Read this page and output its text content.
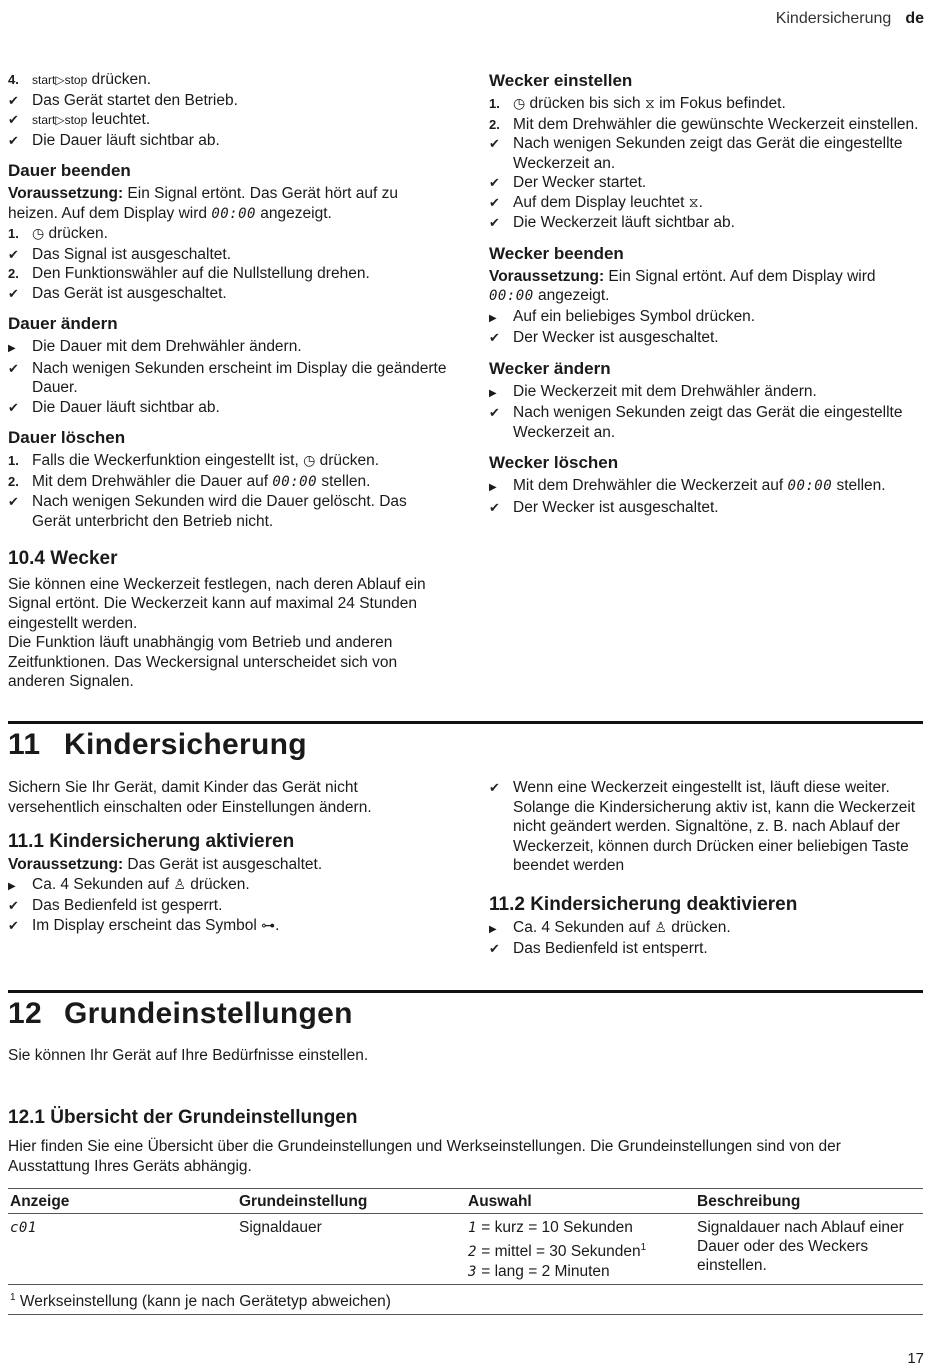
Kindersicherung de
4.	start▷stop drücken.
✔ Das Gerät startet den Betrieb.
✔	start▷stop leuchtet.
✔ Die Dauer läuft sichtbar ab.
Dauer beenden

Voraussetzung: Ein Signal ertönt. Das Gerät hört auf zu heizen. Auf dem Display wird 00:00 angezeigt.

1. ◷ drücken.
✔ Das Signal ist ausgeschaltet.
2. Den Funktionswähler auf die Nullstellung drehen.
✔ Das Gerät ist ausgeschaltet.
Dauer ändern
▶	Die Dauer mit dem Drehwähler ändern.
✔ Nach wenigen Sekunden erscheint im Display die geänderte Dauer.
✔ Die Dauer läuft sichtbar ab.
Dauer löschen
1. Falls die Weckerfunktion eingestellt ist, ◷ drücken.
2. Mit dem Drehwähler die Dauer auf 00:00 stellen.
✔ Nach wenigen Sekunden wird die Dauer gelöscht. Das Gerät unterbricht den Betrieb nicht.
10.4 Wecker

Sie können eine Weckerzeit festlegen, nach deren Ablauf ein Signal ertönt. Die Weckerzeit kann auf maximal 24 Stunden eingestellt werden.

Die Funktion läuft unabhängig vom Betrieb und anderen Zeitfunktionen. Das Weckersignal unterscheidet sich von anderen Signalen.

Wecker einstellen
1. ◷ drücken bis sich ⧖ im Fokus befindet.
2. Mit dem Drehwähler die gewünschte Weckerzeit einstellen.
✔ Nach wenigen Sekunden zeigt das Gerät die eingestellte Weckerzeit an.
✔ Der Wecker startet.
✔ Auf dem Display leuchtet ⧖.
✔ Die Weckerzeit läuft sichtbar ab.
Wecker beenden

Voraussetzung: Ein Signal ertönt. Auf dem Display wird 00:00 angezeigt.

▶	Auf ein beliebiges Symbol drücken.
✔ Der Wecker ist ausgeschaltet.
Wecker ändern
▶	Die Weckerzeit mit dem Drehwähler ändern.
✔ Nach wenigen Sekunden zeigt das Gerät die eingestellte Weckerzeit an.
Wecker löschen
▶	Mit dem Drehwähler die Weckerzeit auf 00:00 stellen.
✔ Der Wecker ist ausgeschaltet.
11 Kindersicherung

Sichern Sie Ihr Gerät, damit Kinder das Gerät nicht versehentlich einschalten oder Einstellungen ändern.

11.1 Kindersicherung aktivieren

Voraussetzung: Das Gerät ist ausgeschaltet.

▶	Ca. 4 Sekunden auf ♙ drücken.
✔ Das Bedienfeld ist gesperrt.
✔ Im Display erscheint das Symbol ⊶.
✔ Wenn eine Weckerzeit eingestellt ist, läuft diese weiter. Solange die Kindersicherung aktiv ist, kann die Weckerzeit nicht geändert werden. Signaltöne, z. B. nach Ablauf der Weckerzeit, können durch Drücken einer beliebigen Taste beendet werden
11.2 Kindersicherung deaktivieren
▶	Ca. 4 Sekunden auf ♙ drücken.
✔ Das Bedienfeld ist entsperrt.
12 Grundeinstellungen
Sie können Ihr Gerät auf Ihre Bedürfnisse einstellen.
12.1 Übersicht der Grundeinstellungen
Hier finden Sie eine Übersicht über die Grundeinstellungen und Werkseinstellungen. Die Grundeinstellungen sind von der Ausstattung Ihres Geräts abhängig.
Anzeige	Grundeinstellung	Auswahl	Beschreibung
c01	Signaldauer	1 = kurz = 10 Sekunden
2 = mittel = 30 Sekunden$^1$
3 = lang = 2 Minuten	Signaldauer nach Ablauf einer Dauer oder des Weckers einstellen.
$^1$ Werkseinstellung (kann je nach Gerätetyp abweichen)			
17
